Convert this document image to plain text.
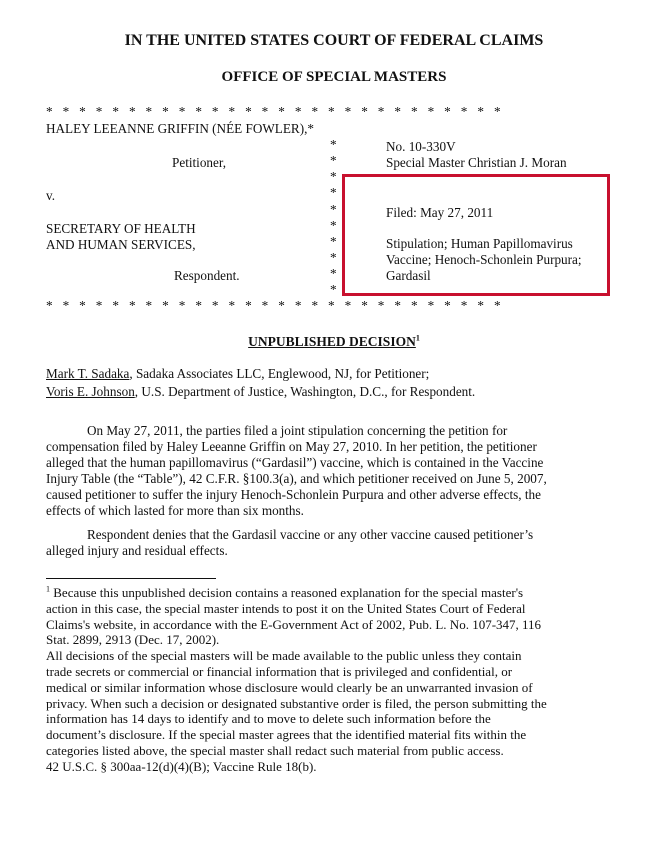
IN THE UNITED STATES COURT OF FEDERAL CLAIMS
OFFICE OF SPECIAL MASTERS
* * * * * * * * * * * * * * * * * * * * * * * * * * * *
HALEY LEEANNE GRIFFIN (NÉE FOWLER),*
Petitioner,
v.
SECRETARY OF HEALTH
AND HUMAN SERVICES,
Respondent.
* * * * * * * * * * * * * * * * * * * * * * * * * * * *
*
*
*
*
*
*
*
*
*
*
No. 10-330V
Special Master Christian J. Moran
Filed: May 27, 2011
Stipulation; Human Papillomavirus
Vaccine; Henoch-Schonlein Purpura;
Gardasil
UNPUBLISHED DECISION$^1$
Mark T. Sadaka, Sadaka Associates LLC, Englewood, NJ, for Petitioner;
Voris E. Johnson, U.S. Department of Justice, Washington, D.C., for Respondent.
On May 27, 2011, the parties filed a joint stipulation concerning the petition for
compensation filed by Haley Leeanne Griffin on May 27, 2010. In her petition, the petitioner
alleged that the human papillomavirus (“Gardasil”) vaccine, which is contained in the Vaccine
Injury Table (the “Table”), 42 C.F.R. §100.3(a), and which petitioner received on June 5, 2007,
caused petitioner to suffer the injury Henoch-Schonlein Purpura and other adverse effects, the
effects of which lasted for more than six months.
Respondent denies that the Gardasil vaccine or any other vaccine caused petitioner’s
alleged injury and residual effects.
$^1$ Because this unpublished decision contains a reasoned explanation for the special master's
action in this case, the special master intends to post it on the United States Court of Federal
Claims's website, in accordance with the E-Government Act of 2002, Pub. L. No. 107-347, 116
Stat. 2899, 2913 (Dec. 17, 2002).
All decisions of the special masters will be made available to the public unless they contain
trade secrets or commercial or financial information that is privileged and confidential, or
medical or similar information whose disclosure would clearly be an unwarranted invasion of
privacy. When such a decision or designated substantive order is filed, the person submitting the
information has 14 days to identify and to move to delete such information before the
document’s disclosure. If the special master agrees that the identified material fits within the
categories listed above, the special master shall redact such material from public access.
42 U.S.C. § 300aa-12(d)(4)(B); Vaccine Rule 18(b).
